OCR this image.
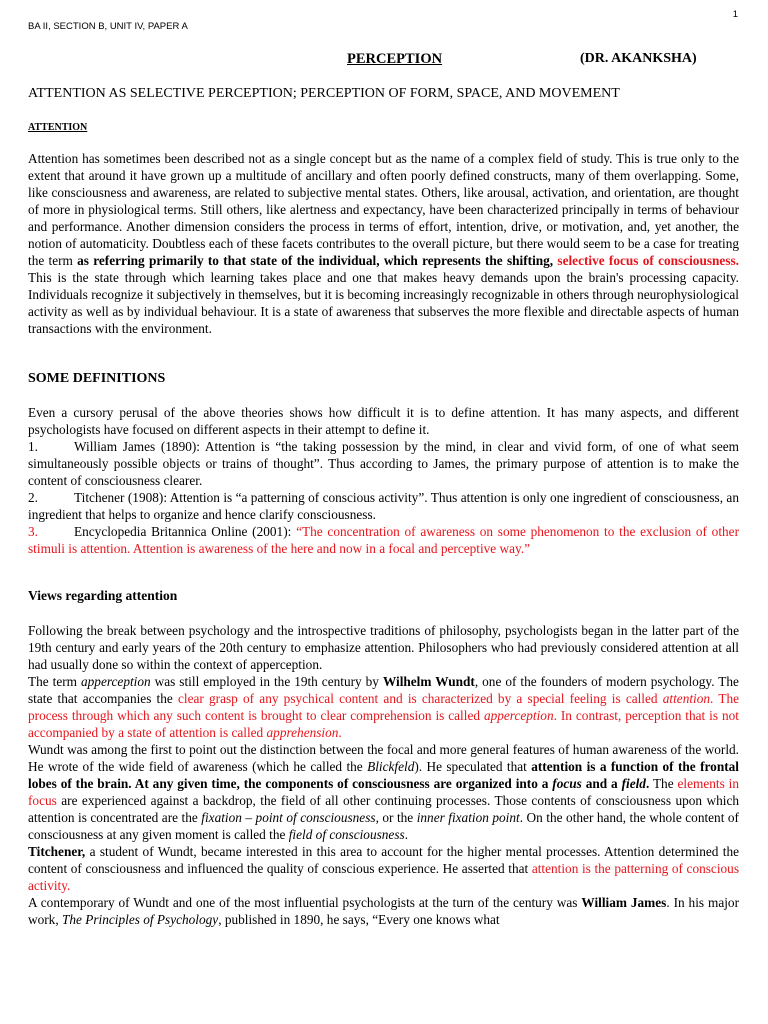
1
BA II, SECTION B, UNIT IV, PAPER A
PERCEPTION	(DR. AKANKSHA)
ATTENTION AS SELECTIVE PERCEPTION; PERCEPTION OF FORM, SPACE, AND MOVEMENT
ATTENTION
Attention has sometimes been described not as a single concept but as the name of a complex field of study. This is true only to the extent that around it have grown up a multitude of ancillary and often poorly defined constructs, many of them overlapping. Some, like consciousness and awareness, are related to subjective mental states. Others, like arousal, activation, and orientation, are thought of more in physiological terms. Still others, like alertness and expectancy, have been characterized principally in terms of behaviour and performance. Another dimension considers the process in terms of effort, intention, drive, or motivation, and, yet another, the notion of automaticity. Doubtless each of these facets contributes to the overall picture, but there would seem to be a case for treating the term as referring primarily to that state of the individual, which represents the shifting, selective focus of consciousness. This is the state through which learning takes place and one that makes heavy demands upon the brain's processing capacity. Individuals recognize it subjectively in themselves, but it is becoming increasingly recognizable in others through neurophysiological activity as well as by individual behaviour. It is a state of awareness that subserves the more flexible and directable aspects of human transactions with the environment.
SOME DEFINITIONS

Even a cursory perusal of the above theories shows how difficult it is to define attention. It has many aspects, and different psychologists have focused on different aspects in their attempt to define it.

1.	William James (1890): Attention is “the taking possession by the mind, in clear and vivid form, of one of what seem simultaneously possible objects or trains of thought”. Thus according to James, the primary purpose of attention is to make the content of consciousness clearer.

2.	Titchener (1908): Attention is “a patterning of conscious activity”. Thus attention is only one ingredient of consciousness, an ingredient that helps to organize and hence clarify consciousness.

3.	Encyclopedia Britannica Online (2001): “The concentration of awareness on some phenomenon to the exclusion of other stimuli is attention. Attention is awareness of the here and now in a focal and perceptive way.”

Views regarding attention

Following the break between psychology and the introspective traditions of philosophy, psychologists began in the latter part of the 19th century and early years of the 20th century to emphasize attention. Philosophers who had previously considered attention at all had usually done so within the context of apperception.

The term apperception was still employed in the 19th century by Wilhelm Wundt, one of the founders of modern psychology. The state that accompanies the clear grasp of any psychical content and is characterized by a special feeling is called attention. The process through which any such content is brought to clear comprehension is called apperception. In contrast, perception that is not accompanied by a state of attention is called apprehension.

Wundt was among the first to point out the distinction between the focal and more general features of human awareness of the world. He wrote of the wide field of awareness (which he called the Blickfeld). He speculated that attention is a function of the frontal lobes of the brain. At any given time, the components of consciousness are organized into a focus and a field. The elements in focus are experienced against a backdrop, the field of all other continuing processes. Those contents of consciousness upon which attention is concentrated are the fixation – point of consciousness, or the inner fixation point. On the other hand, the whole content of consciousness at any given moment is called the field of consciousness.

Titchener, a student of Wundt, became interested in this area to account for the higher mental processes. Attention determined the content of consciousness and influenced the quality of conscious experience. He asserted that attention is the patterning of conscious activity.

A contemporary of Wundt and one of the most influential psychologists at the turn of the century was William James. In his major work, The Principles of Psychology, published in 1890, he says, “Every one knows what
